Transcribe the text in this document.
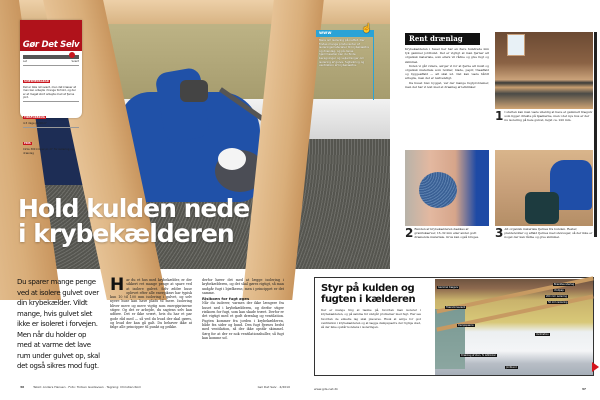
Gør Det Selv
Let	Svært
SVÆRHEDSGRAD
Det er ikke ret svært, men det kræver at man kan arbejde i trange forhold, og der er et meget stort arbejde med at fjerne jord.
TIDSFORBRUG
4-5 dage på 50 m²
PRIS
Cirka 300 kroner pr. m² for isolering og drænlag
Hold kulden nede
i krybekælderen
Du sparer mange penge ved at isolere gulvet over din krybekælder. Vildt mange, hvis gulvet slet ikke er isoleret i forvejen. Men når du holder op med at varme det lave rum under gulvet op, skal det også sikres mod fugt.
H ar du et hus med krybekælder, er der sikkert ret mange penge at spare ved at isolere gulvet. Selv ældre huse oplevet efter alle energikrav har typisk kun 10 til 100 mm isolering i gulvet, og selv nyere huse kan have plads til mere. Isolering bliver mere og mere vigtig som energipriserne stiger. Og det er arbejde, du sagtens selv kan udføre. Det er ikke svært, hvis du har et par gode råd med — så ved du hvad der skal gøres, og hvad der kan gå galt. Du behøver ikke at følge alle principper til punkt og prikke.
derfor hører det med at lægge isolering i krybekælderen, og det skal gøres rigtigt, så man undgår fugt i bjælkerne, men i princippet er det samme.
Risikoen for fugt øges
Når du isolerer, varmes der ikke længere fra huset ned i krybekælderen, og derfor stiger risikoen for fugt, som kan skade træet. Derfor er det vigtigt med et godt drænlag og ventilation. Fugten kommer fra jorden i krybekælderen, både fra sider og bund. Den fugt fjernes bedst med ventilation, så der ikke opstår skimmel. Sørg for at der er nok ventilationshuller, så fugt kan komme ud.
36	Tekst: Anders Hansen · Foto: Torben Gustavsen · Tegning: Christian Rom	Gør Det Selv · 4/2010
www
Mere om isolering på nettet. Der findes mange producenter af isoleringsmaterialer til krybekældre og drænlag, og på deres hjemmesider kan du finde beregninger og vejledninger om isolering af gulve, fugtsikring og ventilation af krybekældre.
☝
Rent drænlag
Krybekælderen i huset her har en flere hundrede mm tyk gammel jordbund. Det er vigtigt at man fjerner alt organisk materiale, som ellers vil rådne og give fugt og skimmel.
Inden vi går videre, sørger vi for at fjerne alt muld og organisk materiale som rødder, blade, papir, træaffald og byggeaffald — alt skal ud. Det kan være hårdt arbejde, men det er nødvendigt.
Da huset blev bygget, var der mange fugtproblemer, men det har vi løst med et drænlag af letklinker.
1 I starten kan man være uheldig at have et gammelt trægulv som ligger direkte på bjælkerne, men i det nye hus er der nu isolering på hele gulvet, højst ca. 220 mm.
2 Bunden af krybekælderen dækkes af granitskærver, 16–32 mm eller andet godt drænende materiale. Grus kan også bruges.	3 Alt organisk materiale fjernes fra bunden. Rester, planterødder og affald fjernes med støvsuger, så der ikke er noget der kan rådne og give skimmel.
Styr på kulden og
fugten i kælderen
Der er mange ting at tænke på, hvordan man isolerer i krybekælderen, og på samme tid undgår problemer med fugt. Her ses hvordan de enkelte lag skal placeres. Husk at sørge for god ventilation i krybekælderen og at lægge dampspærre det rigtige sted, så der ikke opstår kondens i isoleringen.
Gammel trægulv
Bræddeunderlag
Vindpap
200 mm isolering
50 mm isolering
Trærammeværk
Dampspærre
Ventilation
Drænlag af sten, fx letklinker
Jordbund
www.gds-net.dk	37
